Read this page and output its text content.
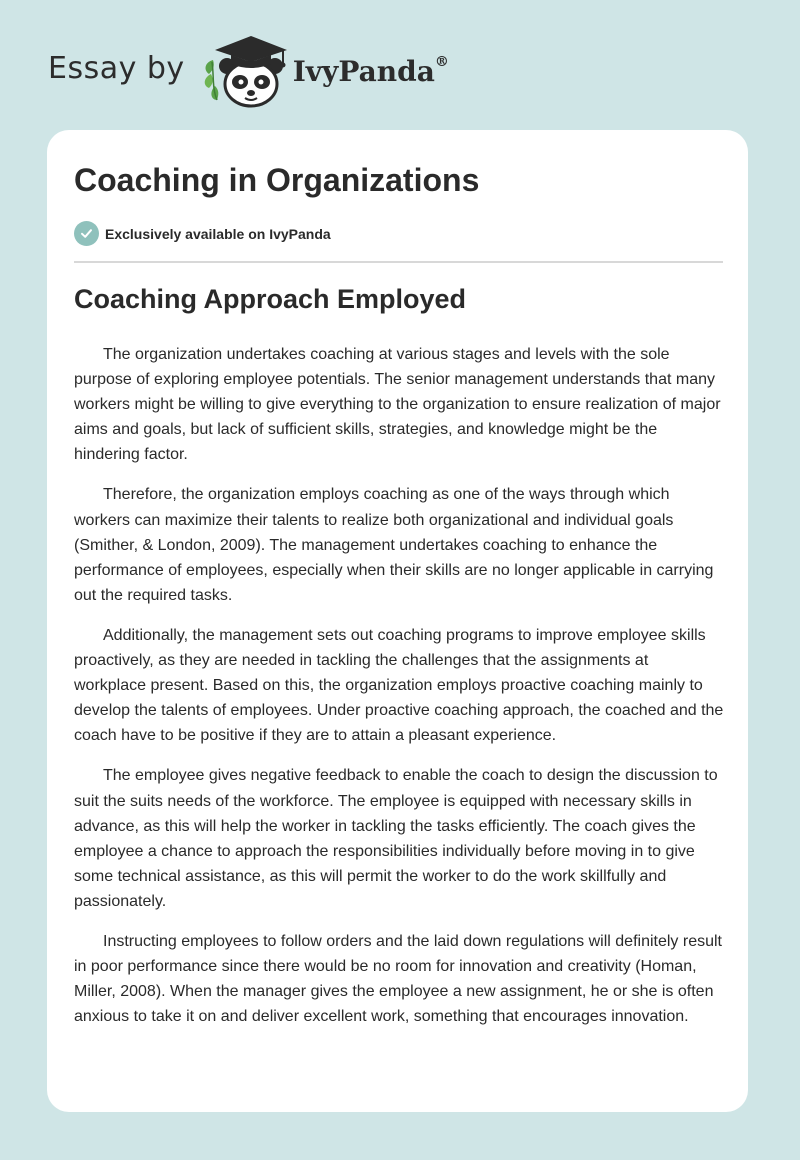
Essay by	IvyPanda®
Coaching in Organizations
Exclusively available on IvyPanda
Coaching Approach Employed

The organization undertakes coaching at various stages and levels with the sole purpose of exploring employee potentials. The senior management understands that many workers might be willing to give everything to the organization to ensure realization of major aims and goals, but lack of sufficient skills, strategies, and knowledge might be the hindering factor.

Therefore, the organization employs coaching as one of the ways through which workers can maximize their talents to realize both organizational and individual goals (Smither, & London, 2009). The management undertakes coaching to enhance the performance of employees, especially when their skills are no longer applicable in carrying out the required tasks.

Additionally, the management sets out coaching programs to improve employee skills proactively, as they are needed in tackling the challenges that the assignments at workplace present. Based on this, the organization employs proactive coaching mainly to develop the talents of employees. Under proactive coaching approach, the coached and the coach have to be positive if they are to attain a pleasant experience.

The employee gives negative feedback to enable the coach to design the discussion to suit the suits needs of the workforce. The employee is equipped with necessary skills in advance, as this will help the worker in tackling the tasks efficiently. The coach gives the employee a chance to approach the responsibilities individually before moving in to give some technical assistance, as this will permit the worker to do the work skillfully and passionately.

Instructing employees to follow orders and the laid down regulations will definitely result in poor performance since there would be no room for innovation and creativity (Homan, Miller, 2008). When the manager gives the employee a new assignment, he or she is often anxious to take it on and deliver excellent work, something that encourages innovation.
